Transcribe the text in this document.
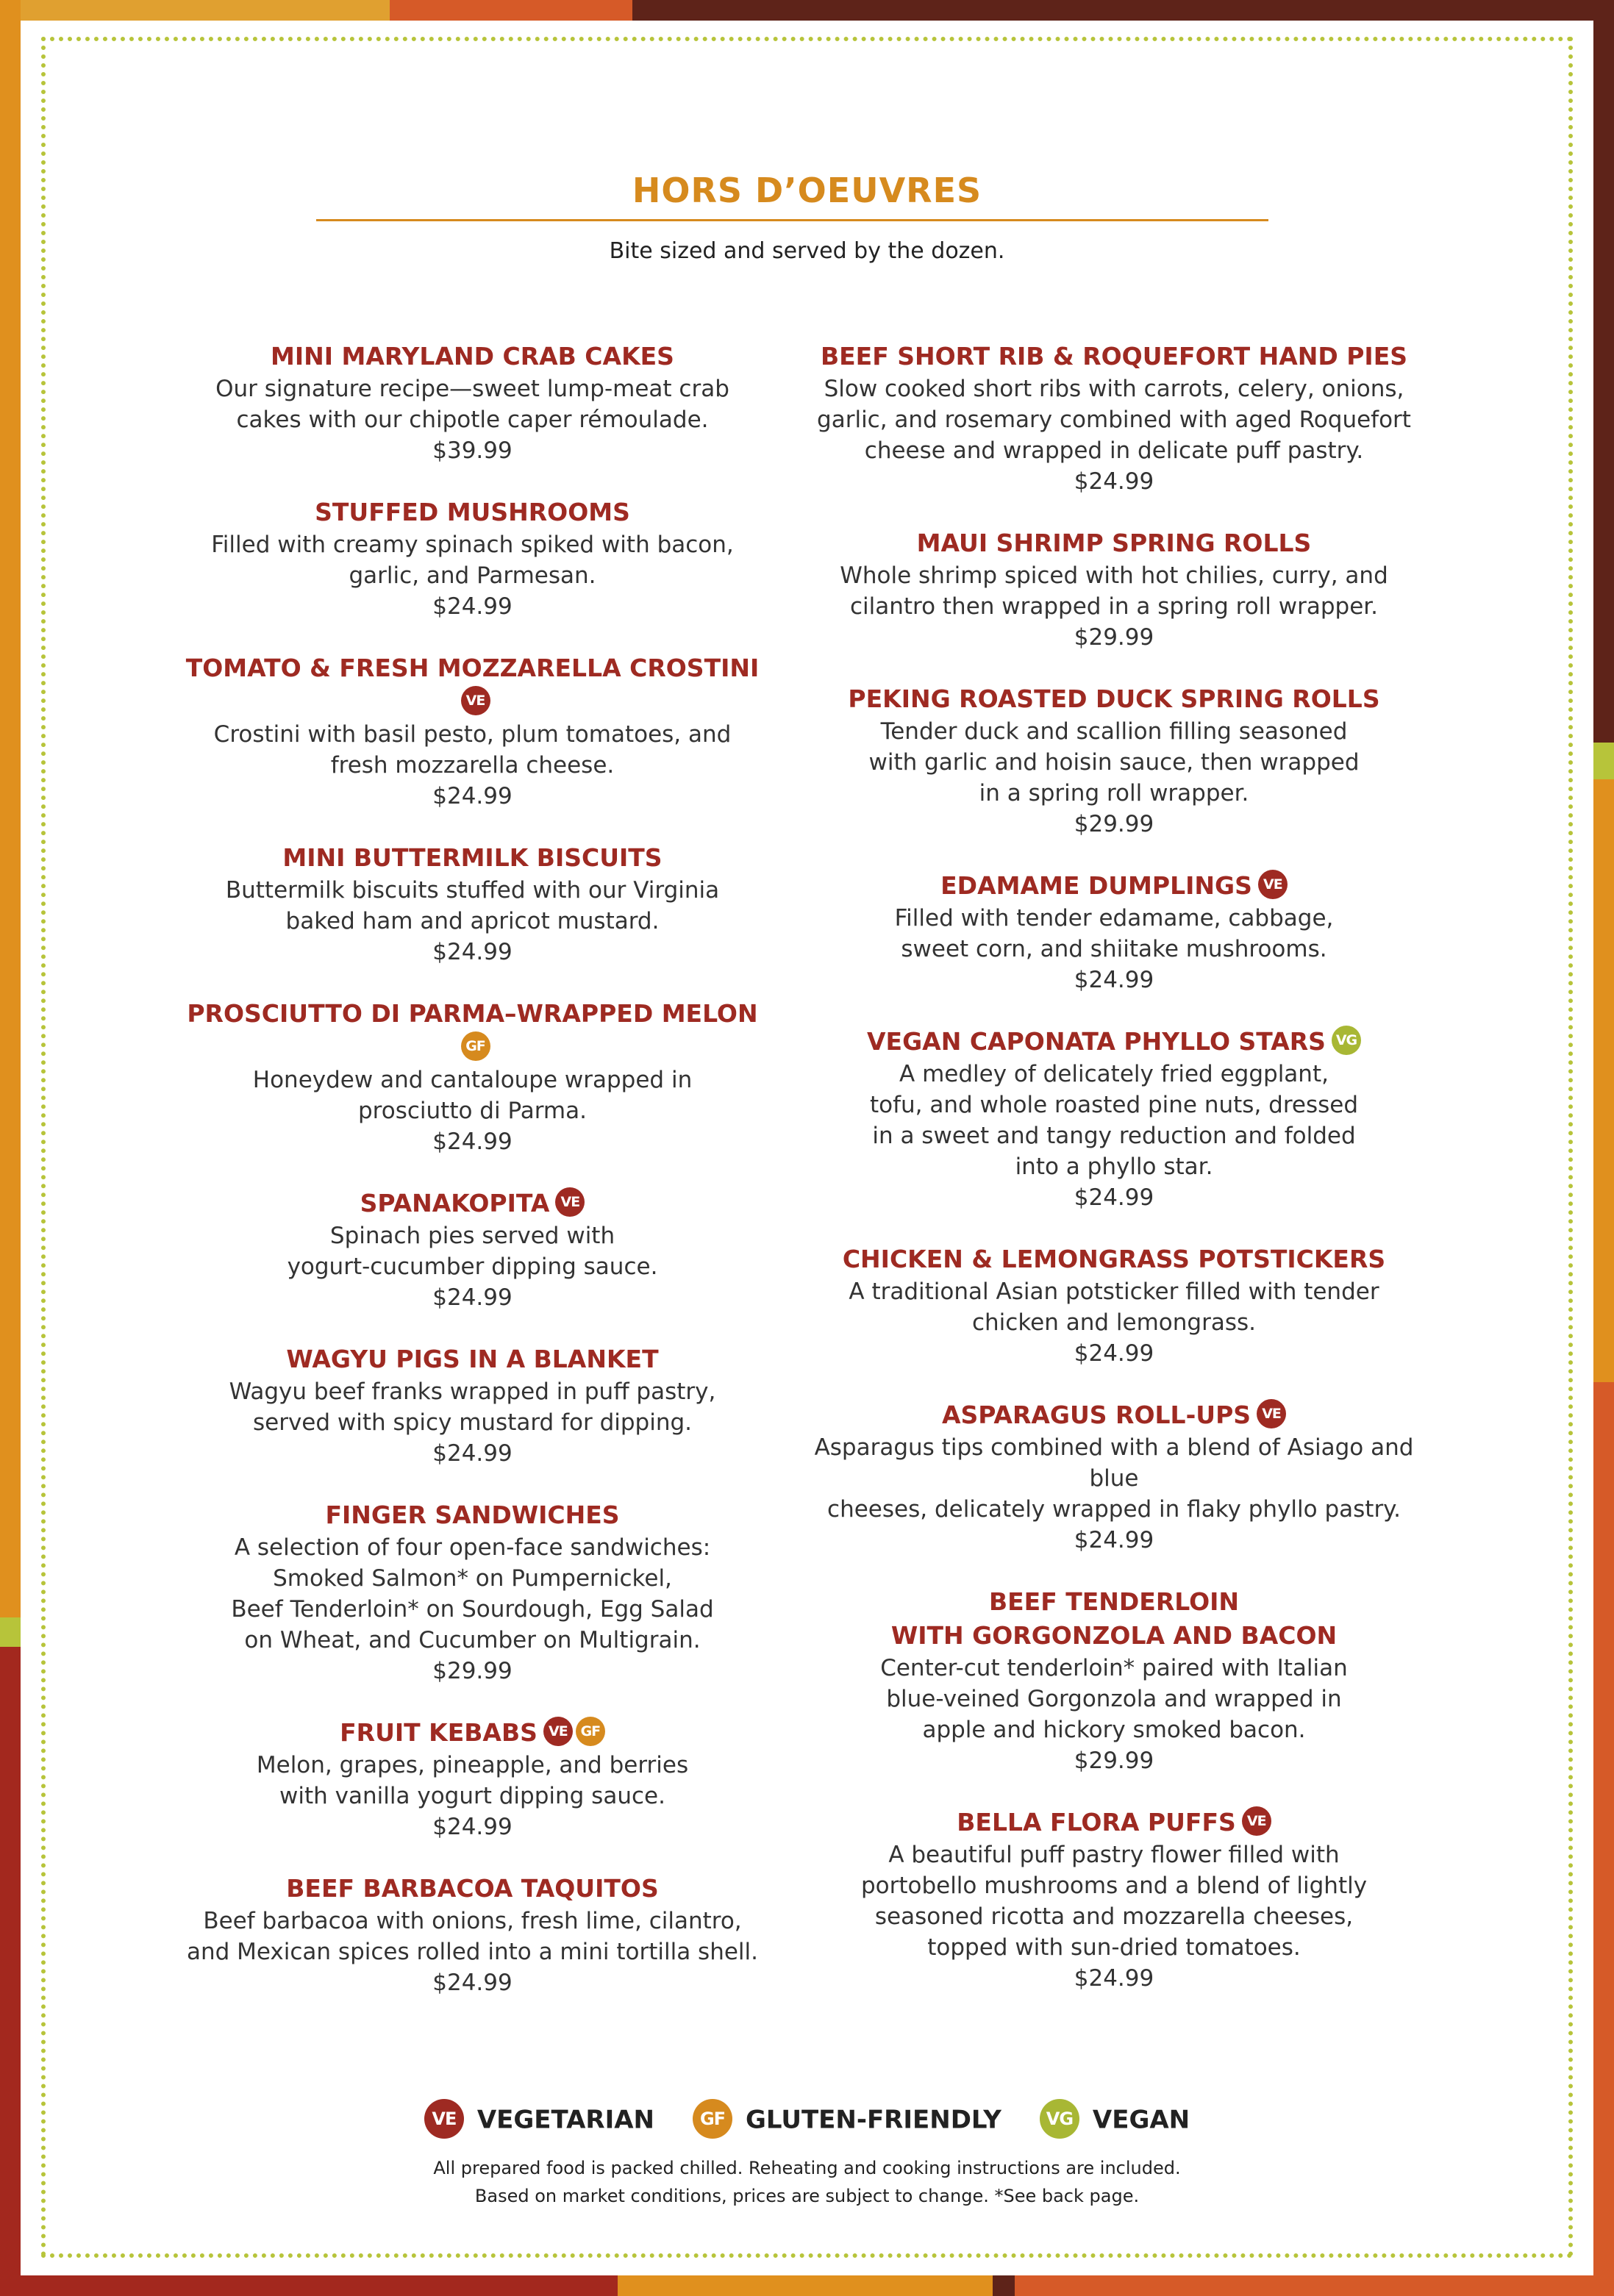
HORS D’OEUVRES
Bite sized and served by the dozen.
MINI MARYLAND CRAB CAKES
Our signature recipe—sweet lump-meat crab
cakes with our chipotle caper rémoulade.
$39.99
STUFFED MUSHROOMS
Filled with creamy spinach spiked with bacon,
garlic, and Parmesan.
$24.99
TOMATO & FRESH MOZZARELLA CROSTINIVE
Crostini with basil pesto, plum tomatoes, and
fresh mozzarella cheese.
$24.99
MINI BUTTERMILK BISCUITS
Buttermilk biscuits stuffed with our Virginia
baked ham and apricot mustard.
$24.99
PROSCIUTTO DI PARMA–WRAPPED MELONGF
Honeydew and cantaloupe wrapped in
prosciutto di Parma.
$24.99
SPANAKOPITA VE
Spinach pies served with
yogurt-cucumber dipping sauce.
$24.99
WAGYU PIGS IN A BLANKET
Wagyu beef franks wrapped in puff pastry,
served with spicy mustard for dipping.
$24.99
FINGER SANDWICHES
A selection of four open-face sandwiches:
Smoked Salmon* on Pumpernickel,
Beef Tenderloin* on Sourdough, Egg Salad
on Wheat, and Cucumber on Multigrain.
$29.99
FRUIT KEBABS VE GF
Melon, grapes, pineapple, and berries
with vanilla yogurt dipping sauce.
$24.99
BEEF BARBACOA TAQUITOS
Beef barbacoa with onions, fresh lime, cilantro,
and Mexican spices rolled into a mini tortilla shell.
$24.99
BEEF SHORT RIB & ROQUEFORT HAND PIES
Slow cooked short ribs with carrots, celery, onions,
garlic, and rosemary combined with aged Roquefort
cheese and wrapped in delicate puff pastry.
$24.99
MAUI SHRIMP SPRING ROLLS
Whole shrimp spiced with hot chilies, curry, and
cilantro then wrapped in a spring roll wrapper.
$29.99
PEKING ROASTED DUCK SPRING ROLLS
Tender duck and scallion filling seasoned
with garlic and hoisin sauce, then wrapped
in a spring roll wrapper.
$29.99
EDAMAME DUMPLINGS VE
Filled with tender edamame, cabbage,
sweet corn, and shiitake mushrooms.
$24.99
VEGAN CAPONATA PHYLLO STARS VG
A medley of delicately fried eggplant,
tofu, and whole roasted pine nuts, dressed
in a sweet and tangy reduction and folded
into a phyllo star.
$24.99
CHICKEN & LEMONGRASS POTSTICKERS
A traditional Asian potsticker filled with tender
chicken and lemongrass.
$24.99
ASPARAGUS ROLL-UPS VE
Asparagus tips combined with a blend of Asiago and blue
cheeses, delicately wrapped in flaky phyllo pastry.
$24.99
BEEF TENDERLOIN
WITH GORGONZOLA AND BACON
Center-cut tenderloin* paired with Italian
blue-veined Gorgonzola and wrapped in
apple and hickory smoked bacon.
$29.99
BELLA FLORA PUFFS VE
A beautiful puff pastry flower filled with
portobello mushrooms and a blend of lightly
seasoned ricotta and mozzarella cheeses,
topped with sun-dried tomatoes.
$24.99
VE VEGETARIAN	GF GLUTEN-FRIENDLY	VG VEGAN
All prepared food is packed chilled. Reheating and cooking instructions are included.
Based on market conditions, prices are subject to change. *See back page.
